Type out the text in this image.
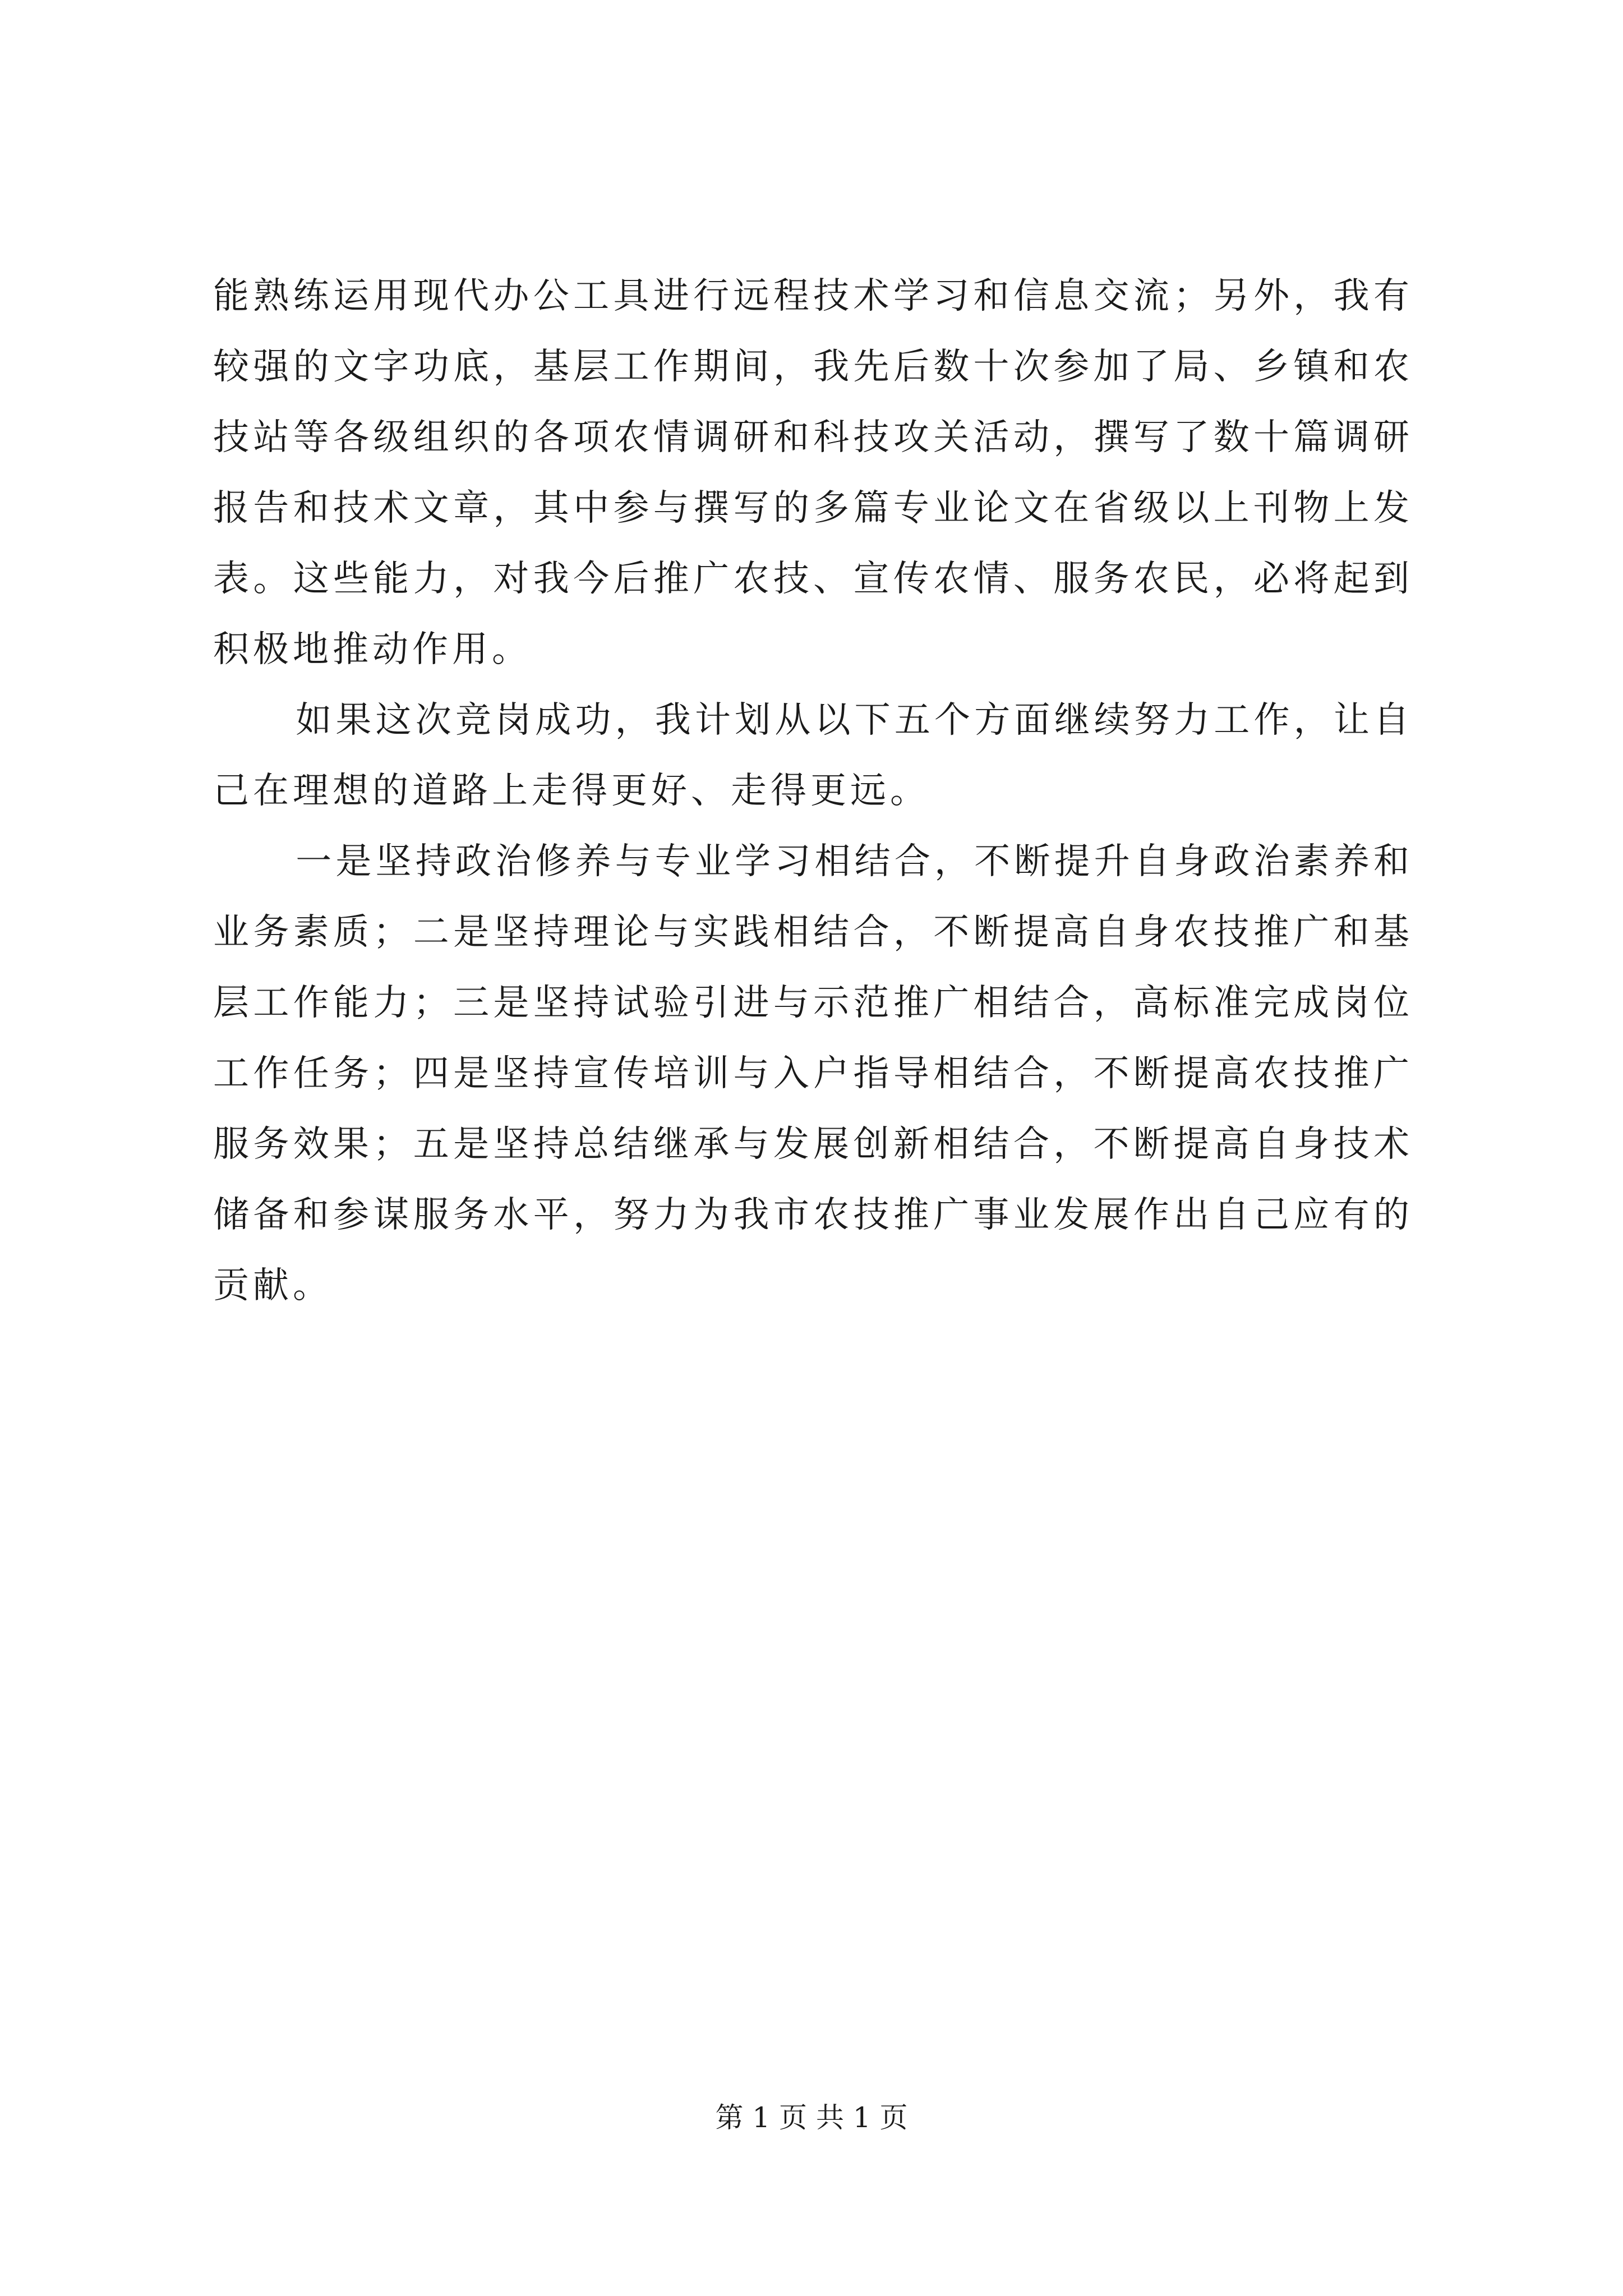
能熟练运用现代办公工具进行远程技术学习和信息交流；另外，我有较强的文字功底，基层工作期间，我先后数十次参加了局、乡镇和农技站等各级组织的各项农情调研和科技攻关活动，撰写了数十篇调研报告和技术文章，其中参与撰写的多篇专业论文在省级以上刊物上发表。这些能力，对我今后推广农技、宣传农情、服务农民，必将起到积极地推动作用。

如果这次竞岗成功，我计划从以下五个方面继续努力工作，让自己在理想的道路上走得更好、走得更远。

一是坚持政治修养与专业学习相结合，不断提升自身政治素养和业务素质；二是坚持理论与实践相结合，不断提高自身农技推广和基层工作能力；三是坚持试验引进与示范推广相结合，高标准完成岗位工作任务；四是坚持宣传培训与入户指导相结合，不断提高农技推广服务效果；五是坚持总结继承与发展创新相结合，不断提高自身技术储备和参谋服务水平，努力为我市农技推广事业发展作出自己应有的贡献。

第 1 页 共 1 页
